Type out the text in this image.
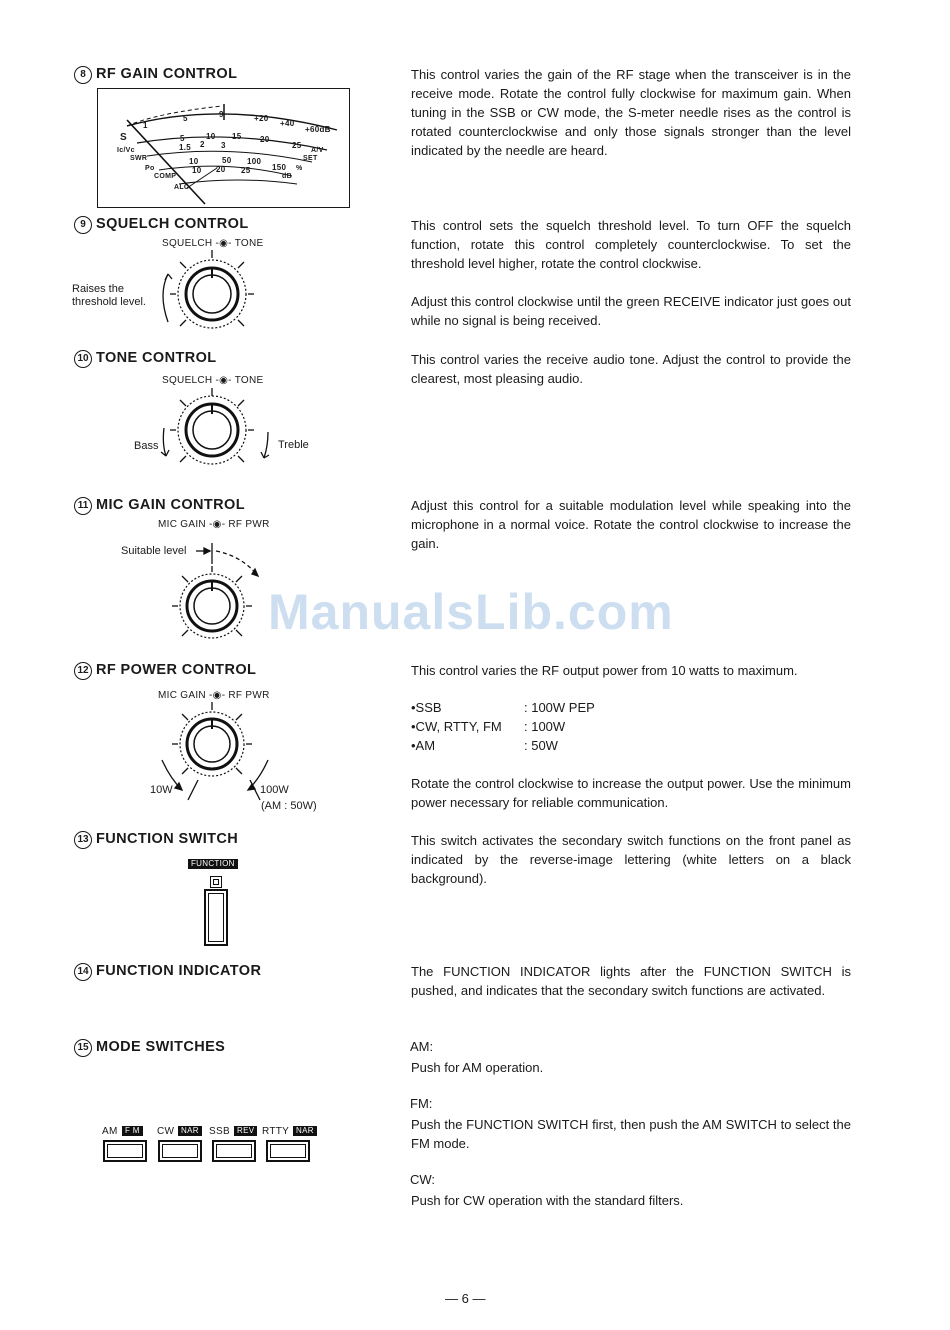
8 RF GAIN CONTROL	This control varies the gain of the RF stage when the transceiver is in the receive mode. Rotate the control fully clockwise for maximum gain. When tuning in the SSB or CW mode, the S-meter needle rises as the control is rotated counterclockwise and only those signals stronger than the level indicated by the needle are heard.

S
1
5	9	+20
+40
+60dB
Ic/Vc
5	10 15 20
25
A/V
SET
SWR
1.5 2 3
Po
10	50 100
150 %
COMP
10 20 25
dB
ALC
9 SQUELCH CONTROL
SQUELCH -◉- TONE
Raises the
threshold level.

This control sets the squelch threshold level. To turn OFF the squelch function, rotate this control completely counterclockwise. To set the threshold level higher, rotate the control clockwise.

Adjust this control clockwise until the green RECEIVE indicator just goes out while no signal is being received.

10 TONE CONTROL
SQUELCH -◉- TONE
Bass	Treble

This control varies the receive audio tone. Adjust the control to provide the clearest, most pleasing audio.

11 MIC GAIN CONTROL
MIC GAIN -◉- RF PWR
Suitable level

Adjust this control for a suitable modulation level while speaking into the microphone in a normal voice. Rotate the control clockwise to increase the gain.

ManualsLib.com
12 RF POWER CONTROL
MIC GAIN -◉- RF PWR
10W	100W
(AM : 50W)

This control varies the RF output power from 10 watts to maximum.

•SSB	: 100W PEP
•CW, RTTY, FM : 100W
•AM	: 50W

Rotate the control clockwise to increase the output power. Use the minimum power necessary for reliable communication.

13 FUNCTION SWITCH
FUNCTION

This switch activates the secondary switch functions on the front panel as indicated by the reverse-image lettering (white letters on a black background).

14 FUNCTION INDICATOR	The FUNCTION INDICATOR lights after the FUNCTION SWITCH is pushed, and indicates that the secondary switch functions are activated.

15 MODE SWITCHES
AM F M	CW NAR	SSB REV RTTY NAR
AM:

Push for AM operation.

FM:

Push the FUNCTION SWITCH first, then push the AM SWITCH to select the FM mode.

CW:

Push for CW operation with the standard filters.

— 6 —
